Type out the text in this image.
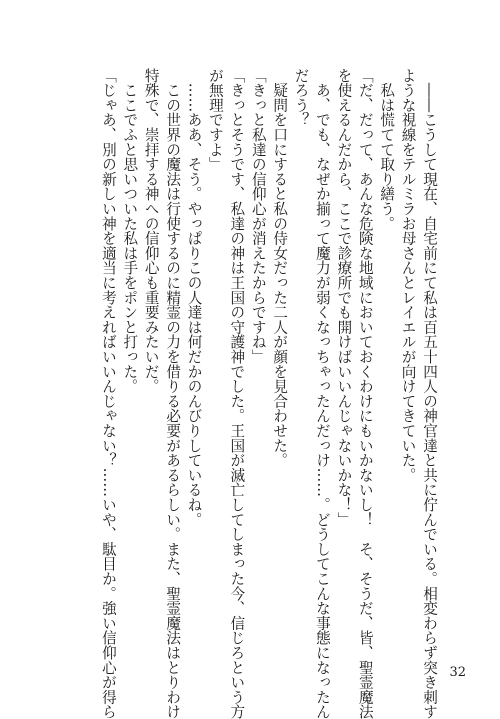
　――こうして現在、自宅前にて私は百五十四人の神官達と共に佇んでいる。相変わらず突き刺す
ような視線をテルミラお母さんとレイエルが向けてきていた。
　私は慌てて取り繕う。
「だ、だって、あんな危険な地域においておくわけにもいかないし！　そ、そうだ、皆、聖霊魔法
を使えるんだから、ここで診療所でも開けばいいんじゃないかな！」
　あ、でも、なぜか揃って魔力が弱くなっちゃったんだっけ……。どうしてこんな事態になったん
だろう？
　疑問を口にすると私の侍女だった二人が顔を見合わせた。
「きっと私達の信仰心が消えたからですね」
「きっとそうです、私達の神は王国の守護神でした。王国が滅亡してしまった今、信じろという方
が無理ですよ」
　……ああ、そう。やっぱりこの人達は何だかのんびりしているね。
　この世界の魔法は行使するのに精霊の力を借りる必要があるらしい。また、聖霊魔法はとりわけ
特殊で、崇拝する神への信仰心も重要みたいだ。
　ここでふと思いついた私は手をポンと打った。
「じゃあ、別の新しい神を適当に考えればいいんじゃない？……いや、駄目か。強い信仰心が得ら	32
